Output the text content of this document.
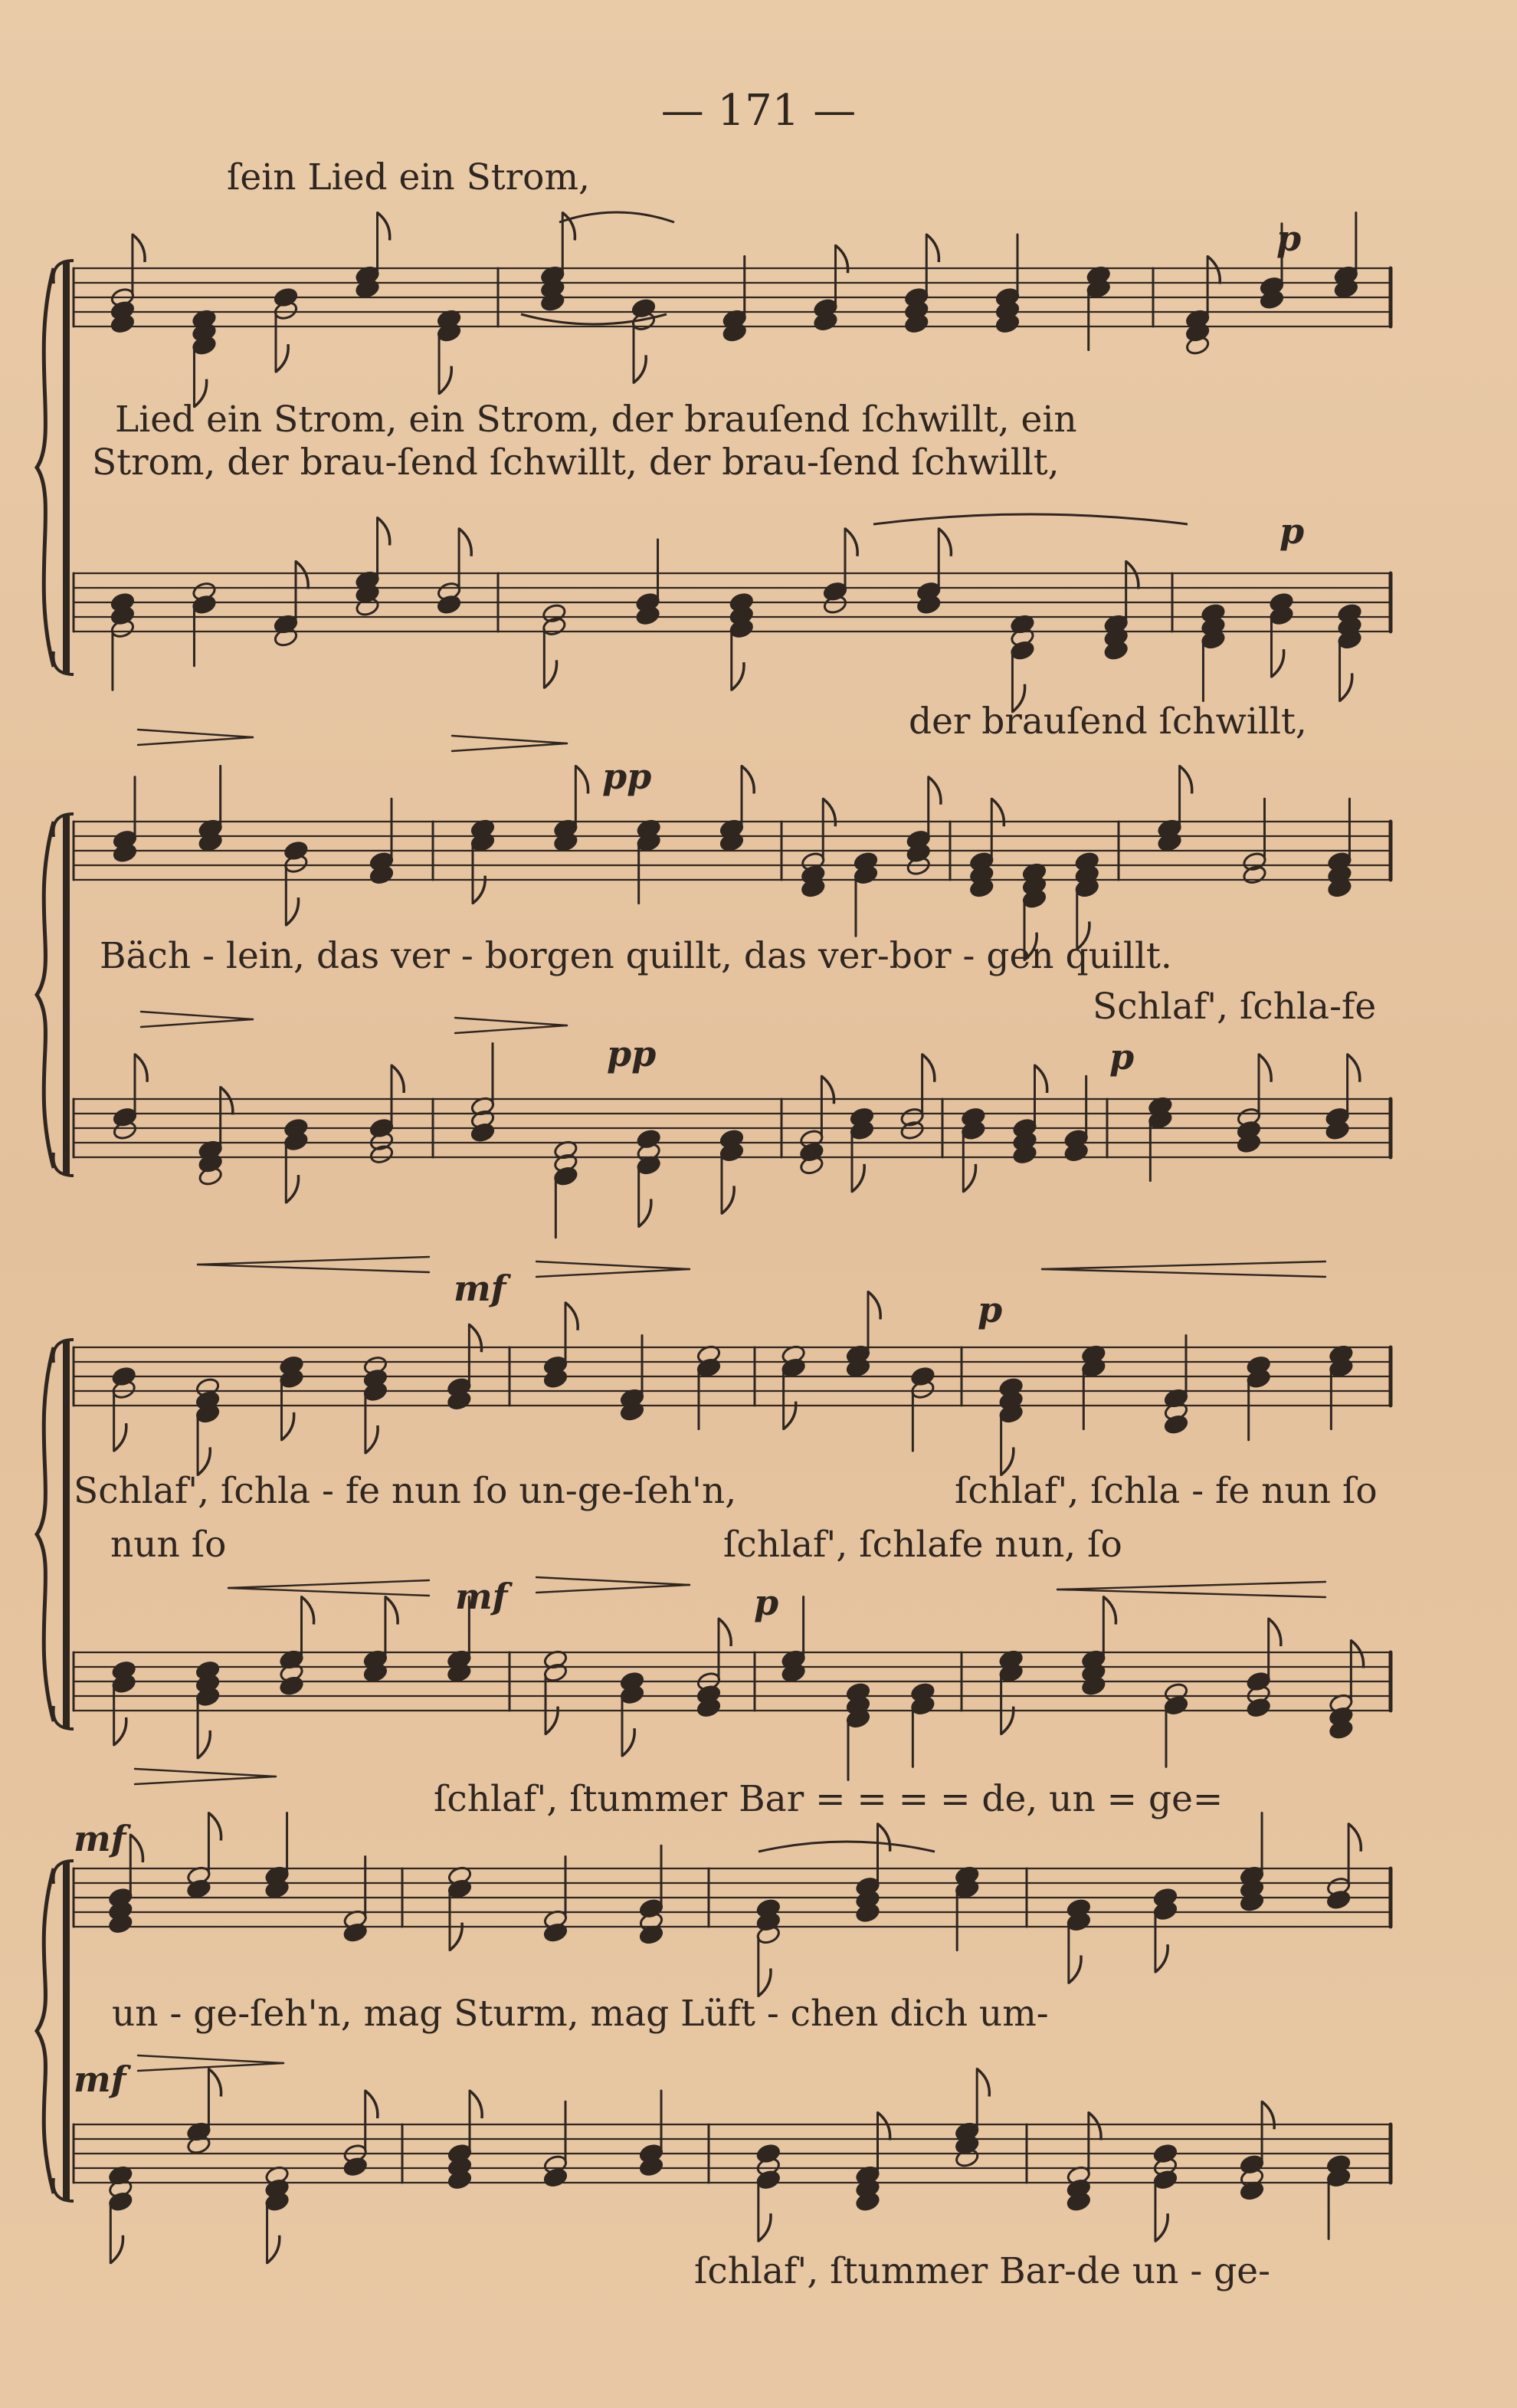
— 171 —
ſein Lied ein Strom,
Lied ein Strom, ein Strom, der brauſend ſchwillt, ein
Strom, der brau-ſend ſchwillt, der brau-ſend ſchwillt,
der brauſend ſchwillt,
Bäch - lein, das ver - borgen quillt, das ver-bor - gen quillt.
Schlaf', ſchla-fe
Schlaf', ſchla - fe nun ſo un-ge-ſeh'n,	ſchlaf', ſchla - fe nun ſo
nun ſo	ſchlaf', ſchlafe nun, ſo
ſchlaf', ſtummer Bar = = = = de, un = ge=
un - ge-ſeh'n, mag Sturm, mag Lüft - chen dich um-
ſchlaf', ſtummer Bar-de un - ge-
p
p
pp
pp	p
mf
p
mf	p
mf
mf
